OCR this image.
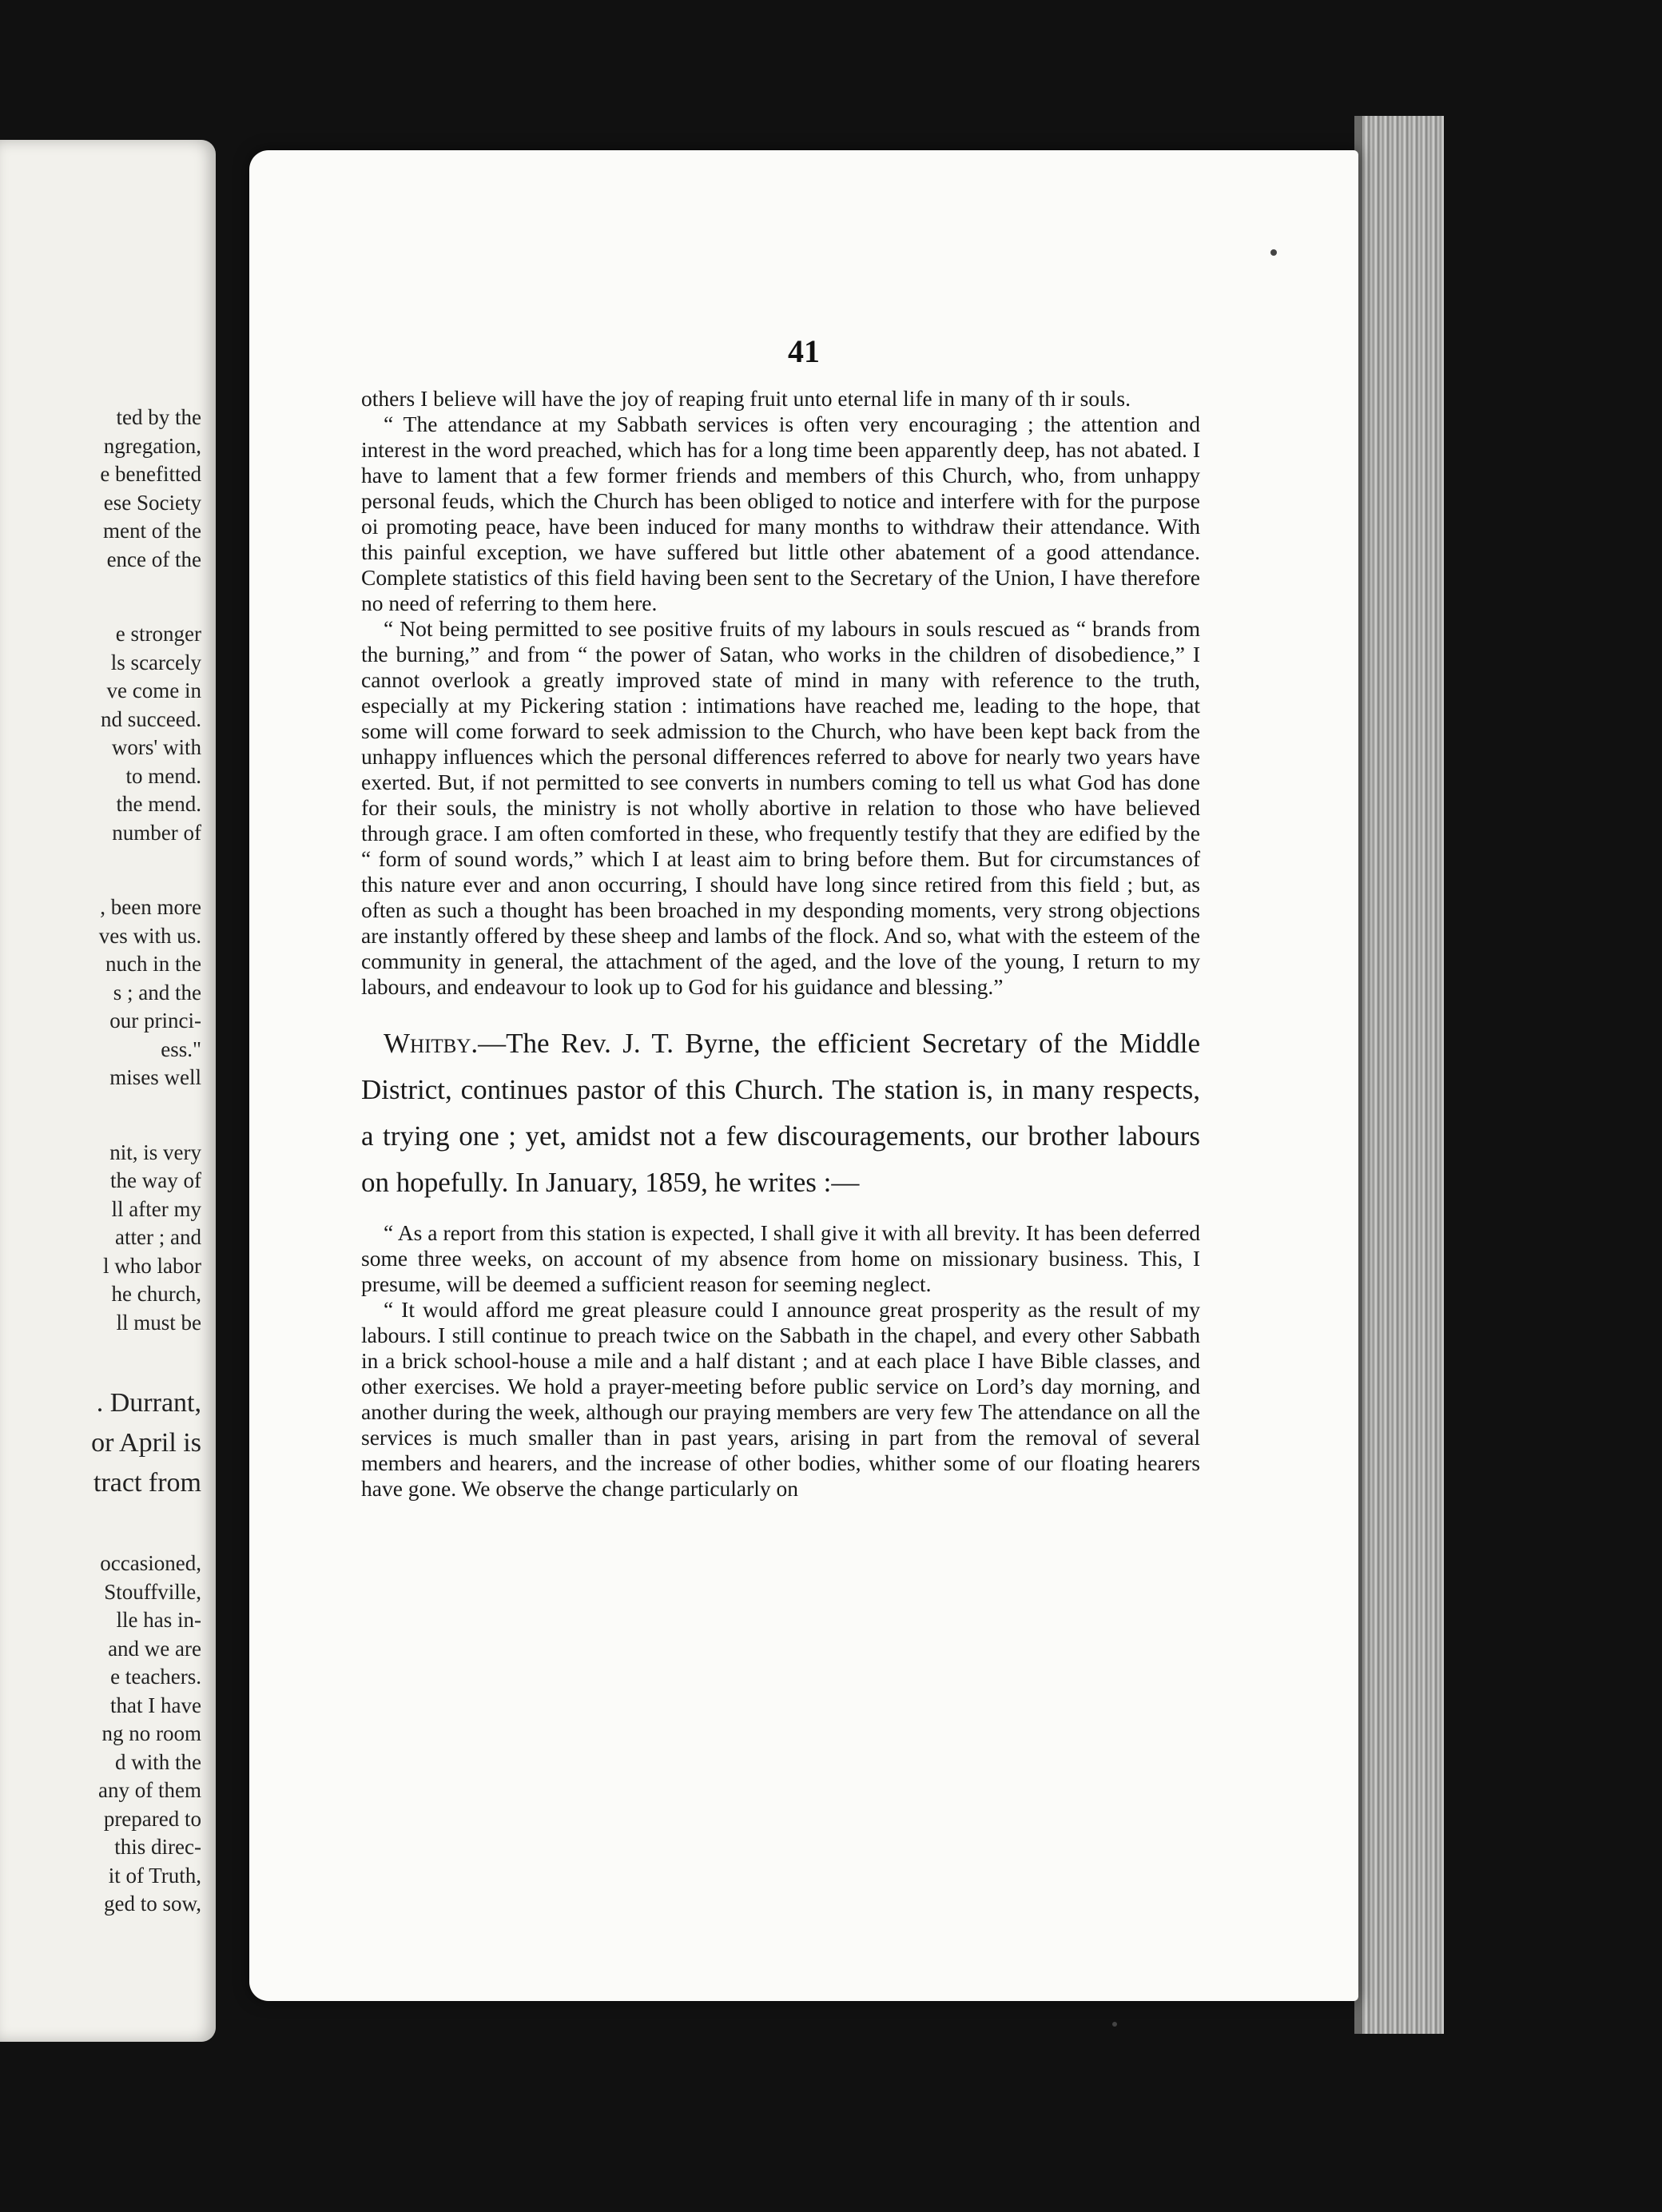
ted by the
ngregation,
e benefitted
ese Society
ment of the
ence of the
e stronger
ls scarcely
ve come in
nd succeed.
wors' with
to mend.
the mend.
number of
, been more
ves with us.
nuch in the
s ; and the
our princi-
ess."
mises well
nit, is very
the way of
ll after my
atter ; and
l who labor
he church,
ll must be
. Durrant,
or April is
tract from
occasioned,
Stouffville,
lle has in-
and we are
e teachers.
that I have
ng no room
d with the
any of them
prepared to
this direc-
it of Truth,
ged to sow,
41

others I believe will have the joy of reaping fruit unto eternal life in many of th ir souls.

“ The attendance at my Sabbath services is often very encouraging ; the attention and interest in the word preached, which has for a long time been apparently deep, has not abated. I have to lament that a few former friends and members of this Church, who, from unhappy personal feuds, which the Church has been obliged to notice and interfere with for the purpose oi promoting peace, have been induced for many months to withdraw their attendance. With this painful exception, we have suffered but little other abatement of a good attendance. Complete statistics of this field having been sent to the Secretary of the Union, I have therefore no need of referring to them here.

“ Not being permitted to see positive fruits of my labours in souls rescued as “ brands from the burning,” and from “ the power of Satan, who works in the children of disobedience,” I cannot overlook a greatly improved state of mind in many with reference to the truth, especially at my Pickering station : intimations have reached me, leading to the hope, that some will come forward to seek admission to the Church, who have been kept back from the unhappy influences which the personal differences referred to above for nearly two years have exerted. But, if not permitted to see converts in numbers coming to tell us what God has done for their souls, the ministry is not wholly abortive in relation to those who have believed through grace. I am often comforted in these, who frequently testify that they are edified by the “ form of sound words,” which I at least aim to bring before them. But for circumstances of this nature ever and anon occurring, I should have long since retired from this field ; but, as often as such a thought has been broached in my desponding moments, very strong objections are instantly offered by these sheep and lambs of the flock. And so, what with the esteem of the community in general, the attachment of the aged, and the love of the young, I return to my labours, and endeavour to look up to God for his guidance and blessing.”

Whitby.—The Rev. J. T. Byrne, the efficient Secretary of the Middle District, continues pastor of this Church. The station is, in many respects, a trying one ; yet, amidst not a few discouragements, our brother labours on hopefully. In January, 1859, he writes :—

“ As a report from this station is expected, I shall give it with all brevity. It has been deferred some three weeks, on account of my absence from home on missionary business. This, I presume, will be deemed a sufficient reason for seeming neglect.

“ It would afford me great pleasure could I announce great prosperity as the result of my labours. I still continue to preach twice on the Sabbath in the chapel, and every other Sabbath in a brick school-house a mile and a half distant ; and at each place I have Bible classes, and other exercises. We hold a prayer-meeting before public service on Lord’s day morning, and another during the week, although our praying members are very few The attendance on all the services is much smaller than in past years, arising in part from the removal of several members and hearers, and the increase of other bodies, whither some of our floating hearers have gone. We observe the change particularly on
